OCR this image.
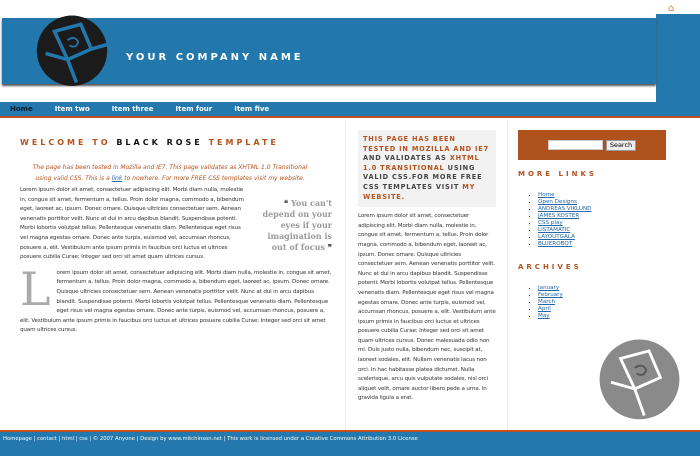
⌂
YOUR COMPANY NAME
Home	Item two	Item three	Item four	Item five
WELCOME TO BLACK ROSE TEMPLATE
The page has been tested in Mozilla and IE7. This page validates as XHTML 1.0 Transitional using valid CSS. This is a link to nowhere. For more FREE CSS templates visit my website.
❝ You can't depend on your eyes if your imagination is out of focus ❞

Lorem ipsum dolor sit amet, consectetuer adipiscing elit. Morbi diam nulla, molestie in, congue sit amet, fermentum a, tellus. Proin dolor magna, commodo a, bibendum eget, laoreet ac, ipsum. Donec ornare. Quisque ultricies consectetuer sem. Aenean venenatis porttitor velit. Nunc at dui in arcu dapibus blandit. Suspendisse potenti. Morbi lobortis volutpat tellus. Pellentesque venenatis diam. Pellentesque eget risus vel magna egestas ornare. Donec ante turpis, euismod vel, accumsan rhoncus, posuere a, elit. Vestibulum ante ipsum primis in faucibus orci luctus et ultrices posuere cubilia Curae; Integer sed orci sit amet quam ultrices cursus.

L	orem ipsum dolor sit amet, consectetuer adipiscing elit. Morbi diam nulla, molestie in, congue sit amet, fermentum a, tellus. Proin dolor magna, commodo a, bibendum eget, laoreet ac, ipsum. Donec ornare. Quisque ultricies consectetuer sem. Aenean venenatis porttitor velit. Nunc at dui in arcu dapibus blandit. Suspendisse potenti. Morbi lobortis volutpat tellus. Pellentesque venenatis diam. Pellentesque eget risus vel magna egestas ornare. Donec ante turpis, euismod vel, accumsan rhoncus, posuere a, elit. Vestibulum ante ipsum primis in faucibus orci luctus et ultrices posuere cubilia Curae; Integer sed orci sit amet quam ultrices cursus.

THIS PAGE HAS BEEN TESTED IN MOZILLA AND IE7 AND VALIDATES AS XHTML 1.0 TRANSITIONAL USING VALID CSS.FOR MORE FREE CSS TEMPLATES VISIT MY WEBSITE.

Lorem ipsum dolor sit amet, consectetuer adipiscing elit. Morbi diam nulla, molestie in, congue sit amet, fermentum a, tellus. Proin dolor magna, commodo a, bibendum eget, laoreet ac, ipsum. Donec ornare. Quisque ultricies consectetuer sem. Aenean venenatis porttitor velit. Nunc at dui in arcu dapibus blandit. Suspendisse potenti. Morbi lobortis volutpat tellus. Pellentesque venenatis diam. Pellentesque eget risus vel magna egestas ornare. Donec ante turpis, euismod vel, accumsan rhoncus, posuere a, elit. Vestibulum ante ipsum primis in faucibus orci luctus et ultrices posuere cubilia Curae; Integer sed orci sit amet quam ultrices cursus. Donec malesuada odio non mi. Duis justo nulla, bibendum nec, suscipit at, laoreet sodales, elit. Nullam venenatis lacus non orci. In hac habitasse platea dictumst. Nulla scelerisque, arcu quis vulputate sodales, nisl orci aliquet velit, ornare auctor libero pede a urna. In gravida ligula a erat.

Search
MORE LINKS
▪ Home
▪ Open Designs
▪ ANDREAS VIKLUND
▪ JAMES KOSTER
▪ CSS play
▪ LISTAMATIC
▪ LAYOUTGALA
▪ BLUEROBOT
ARCHIVES
▪ January
▪ February
▪ March
▪ April
▪ May
Homepage | contact | html | css | © 2007 Anyone | Design by www.mitchinson.net | This work is licensed under a Creative Commons Attribution 3.0 License
